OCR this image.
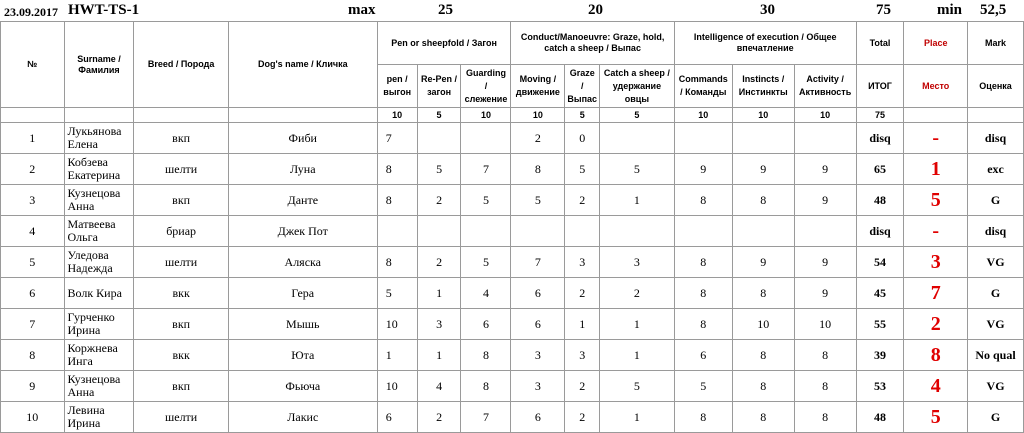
23.09.2017 HWT-TS-1	max	25	20	30	75	min 52,5
№	Surname / Фамилия	Breed / Порода	Dog's name / Кличка	Pen or sheepfold / Загон			Conduct/Manoeuvre: Graze, hold, catch a sheep / Выпас			Intelligence of execution / Общее впечатление			Total	Place	Mark
				pen / выгон	Re-Pen / загон	Guarding / слежение	Moving / движение	Graze / Выпас	Catch a sheep / удержание овцы	Commands / Команды	Instincts / Инстинкты	Activity / Активность	ИТОГ	Место	Оценка
				10	5	10	10	5	5	10	10	10	75		
1	Лукьянова Елена	вкп	Фиби	7			2	0					disq	-	disq
2	Кобзева Екатерина	шелти	Луна	8	5	7	8	5	5	9	9	9	65	1	exc
3	Кузнецова Анна	вкп	Данте	8	2	5	5	2	1	8	8	9	48	5	G
4	Матвеева Ольга	бриар	Джек Пот										disq	-	disq
5	Уледова Надежда	шелти	Аляска	8	2	5	7	3	3	8	9	9	54	3	VG
6	Волк Кира	вкк	Гера	5	1	4	6	2	2	8	8	9	45	7	G
7	Гурченко Ирина	вкп	Мышь	10	3	6	6	1	1	8	10	10	55	2	VG
8	Коржнева Инга	вкк	Юта	1	1	8	3	3	1	6	8	8	39	8	No qual
9	Кузнецова Анна	вкп	Фьюча	10	4	8	3	2	5	5	8	8	53	4	VG
10	Левина Ирина	шелти	Лакис	6	2	7	6	2	1	8	8	8	48	5	G
